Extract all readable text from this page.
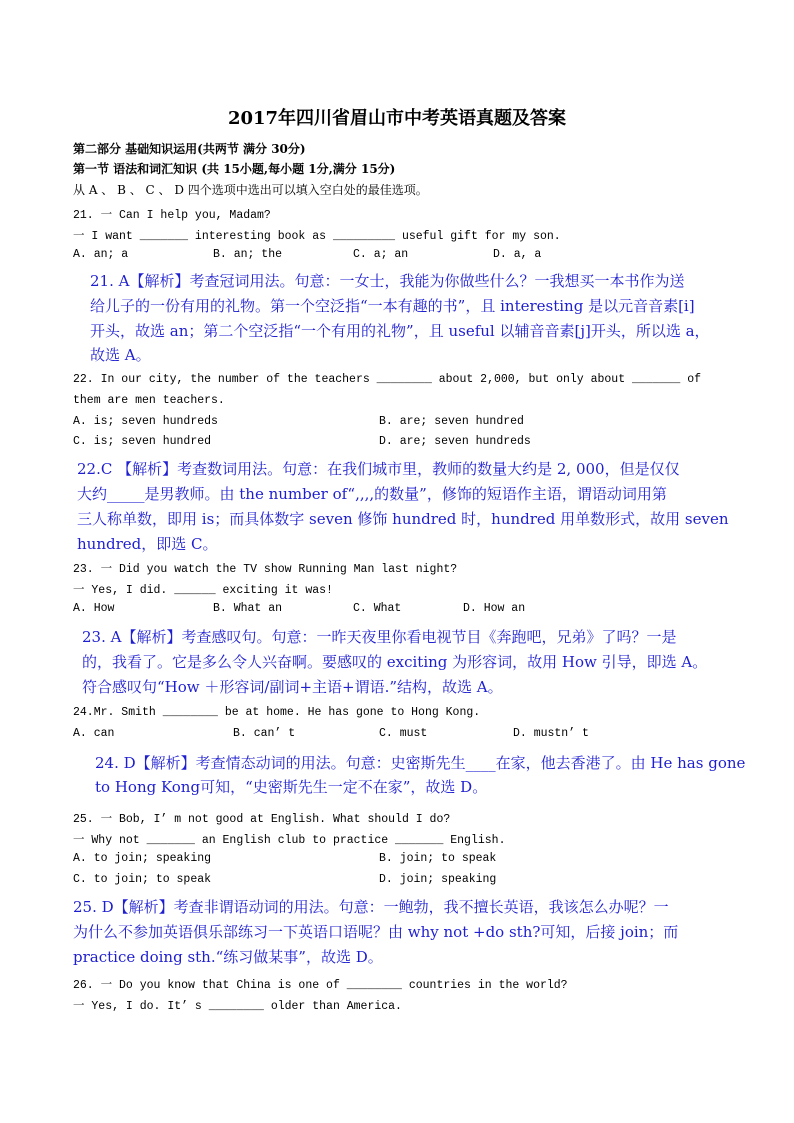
2017年四川省眉山市中考英语真题及答案
第二部分 基础知识运用(共两节 满分 30分)
第一节 语法和词汇知识 (共 15小题,每小题 1分,满分 15分)
从 A 、 B 、 C 、 D 四个选项中选出可以填入空白处的最佳选项。
21. 一 Can I help you, Madam?
一 I want _______ interesting book as _________ useful gift for my son.
A. an; a	B. an; the	C. a; an	D. a, a
21. A【解析】考查冠词用法。句意：一女士，我能为你做些什么？一我想买一本书作为送
给儿子的一份有用的礼物。第一个空泛指“一本有趣的书”，且 interesting 是以元音音素[i]
开头，故选 an；第二个空泛指“一个有用的礼物”，且 useful 以辅音音素[j]开头，所以选 a，
故选 A。
22. In our city, the number of the teachers ________ about 2,000, but only about _______ of
them are men teachers.
A. is; seven hundreds	B. are; seven hundred
C. is; seven hundred	D. are; seven hundreds
22.C 【解析】考查数词用法。句意：在我们城市里，教师的数量大约是 2, 000，但是仅仅
大约_____是男教师。由 the number of“,,,,的数量”，修饰的短语作主语，谓语动词用第
三人称单数，即用 is；而具体数字 seven 修饰 hundred 时，hundred 用单数形式，故用 seven
hundred，即选 C。
23. 一 Did you watch the TV show Running Man last night?
一 Yes, I did. ______ exciting it was!
A. How	B. What an	C. What	D. How an
23. A【解析】考查感叹句。句意：一昨天夜里你看电视节目《奔跑吧，兄弟》了吗？一是
的，我看了。它是多么令人兴奋啊。要感叹的 exciting 为形容词，故用 How 引导，即选 A。
符合感叹句“How ＋形容词/副词+主语+谓语.”结构，故选 A。
24.Mr. Smith ________ be at home. He has gone to Hong Kong.
A. can	B. can’ t	C. must	D. mustn’ t
24. D【解析】考查情态动词的用法。句意：史密斯先生____在家，他去香港了。由 He has gone
to Hong Kong可知，“史密斯先生一定不在家”，故选 D。
25. 一 Bob, I’ m not good at English. What should I do?
一 Why not _______ an English club to practice _______ English.
A. to join; speaking	B. join; to speak
C. to join; to speak	D. join; speaking
25. D【解析】考查非谓语动词的用法。句意：一鲍勃，我不擅长英语，我该怎么办呢？一
为什么不参加英语俱乐部练习一下英语口语呢？由 why not +do sth?可知，后接 join；而
practice doing sth.“练习做某事”，故选 D。
26. 一 Do you know that China is one of ________ countries in the world?
一 Yes, I do. It’ s ________ older than America.
